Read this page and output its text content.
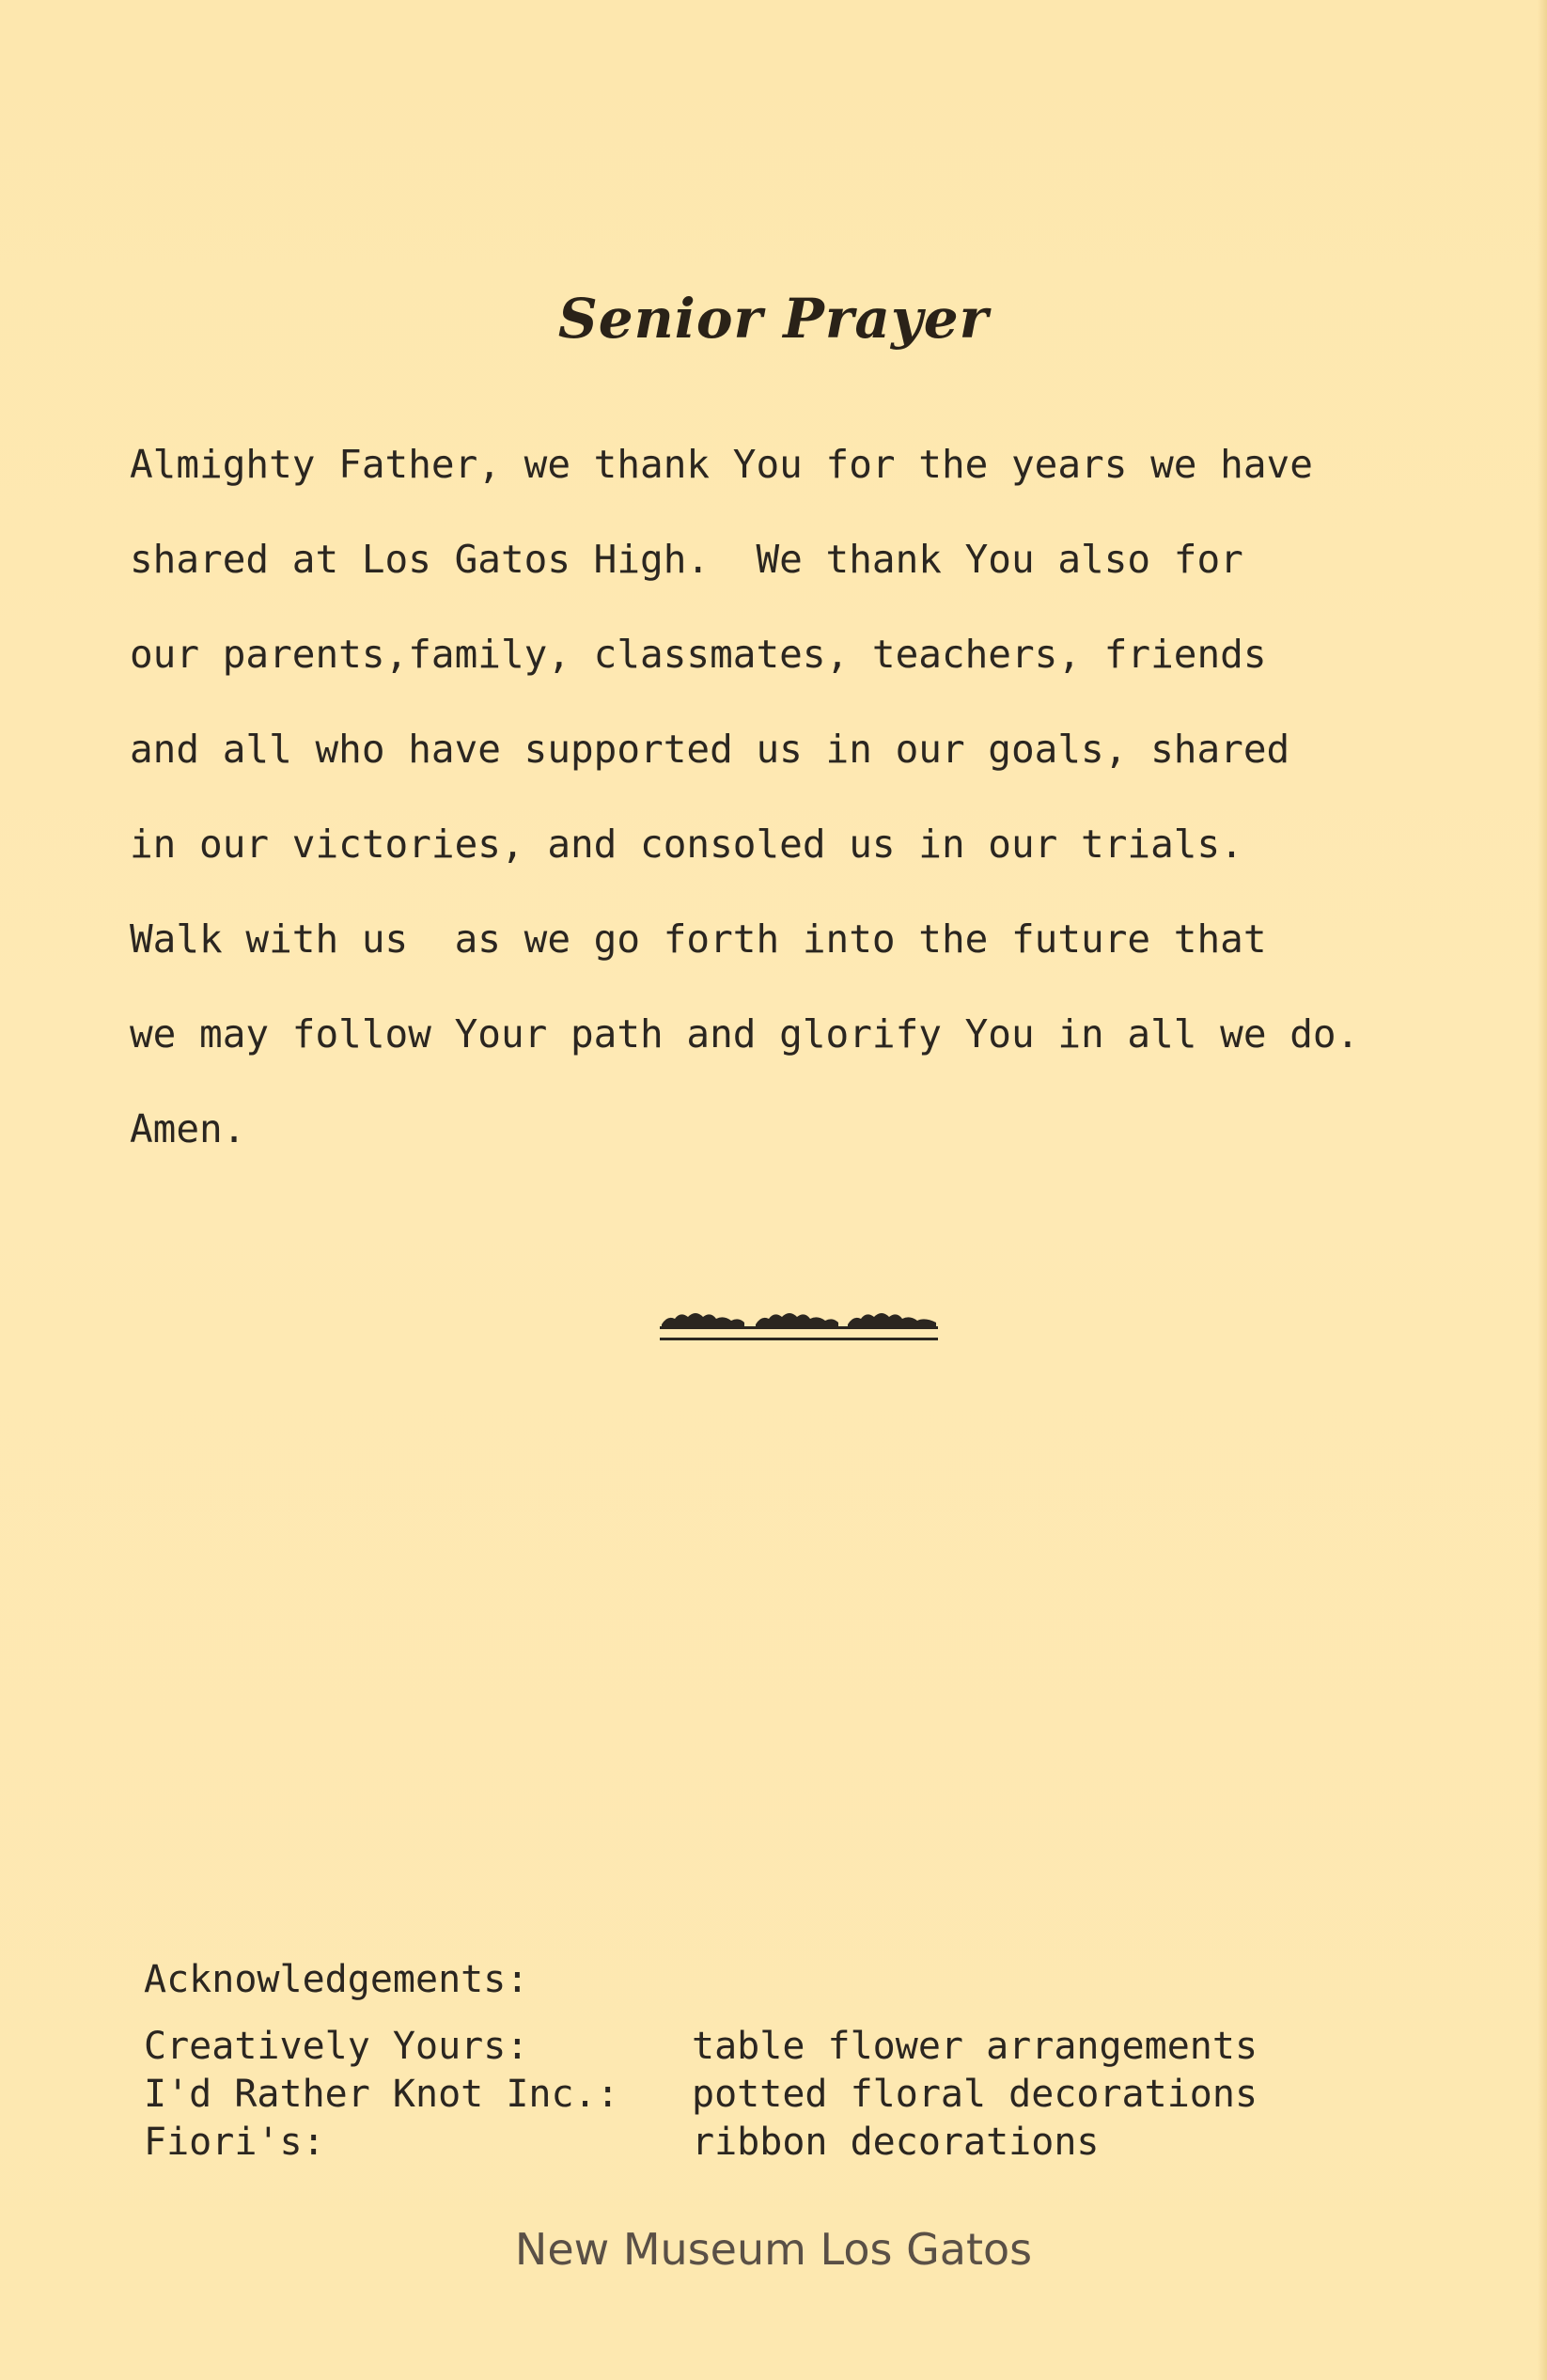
Senior Prayer
Almighty Father, we thank You for the years we have
shared at Los Gatos High.  We thank You also for
our parents,family, classmates, teachers, friends
and all who have supported us in our goals, shared
in our victories, and consoled us in our trials.
Walk with us  as we go forth into the future that
we may follow Your path and glorify You in all we do.
Amen.
Acknowledgements:
Creatively Yours:	table flower arrangements
I'd Rather Knot Inc.:	potted floral decorations
Fiori's:	ribbon decorations
New Museum Los Gatos
